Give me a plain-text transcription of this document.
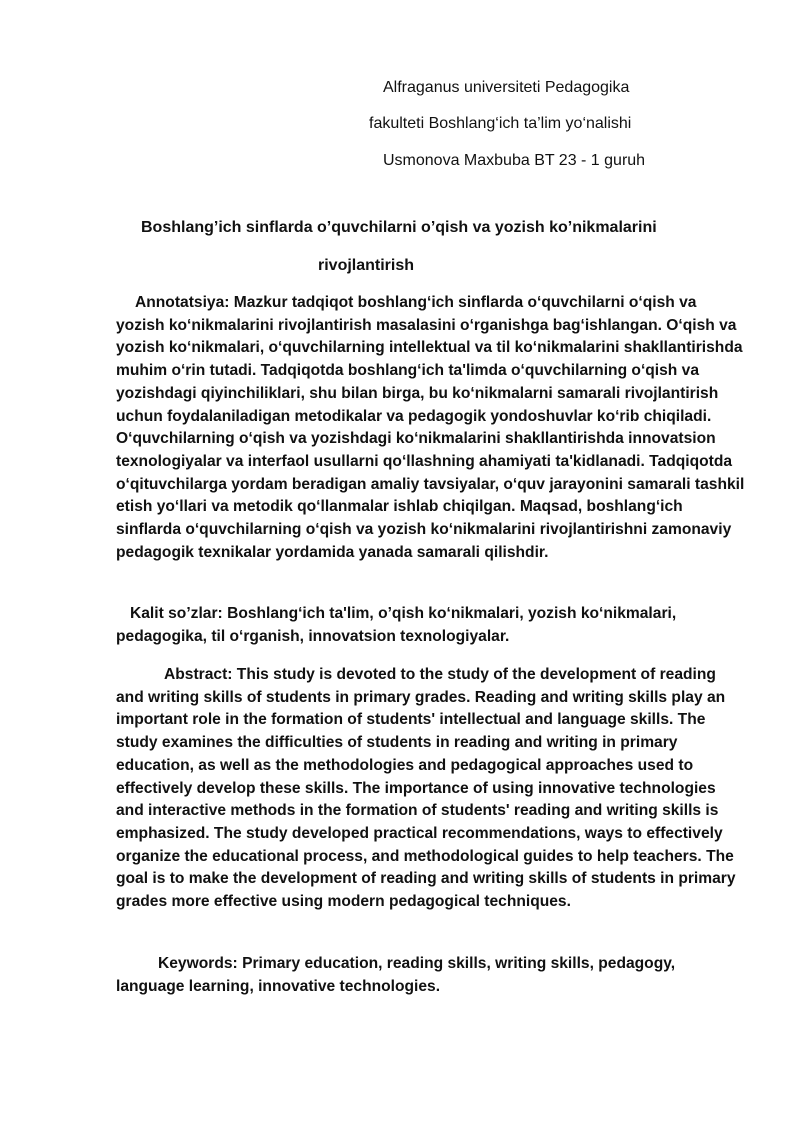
Alfraganus universiteti Pedagogika
fakulteti Boshlang‘ich ta’lim yo‘nalishi
Usmonova Maxbuba BT 23 - 1 guruh
Boshlang’ich sinflarda o’quvchilarni o’qish va yozish ko’nikmalarini
rivojlantirish

Annotatsiya: Mazkur tadqiqot boshlang‘ich sinflarda o‘quvchilarni o‘qish va yozish ko‘nikmalarini rivojlantirish masalasini o‘rganishga bag‘ishlangan. O‘qish va yozish ko‘nikmalari, o‘quvchilarning intellektual va til ko‘nikmalarini shakllantirishda muhim o‘rin tutadi. Tadqiqotda boshlang‘ich ta'limda o‘quvchilarning o‘qish va yozishdagi qiyinchiliklari, shu bilan birga, bu ko‘nikmalarni samarali rivojlantirish uchun foydalaniladigan metodikalar va pedagogik yondoshuvlar ko‘rib chiqiladi. O‘quvchilarning o‘qish va yozishdagi ko‘nikmalarini shakllantirishda innovatsion texnologiyalar va interfaol usullarni qo‘llashning ahamiyati ta'kidlanadi. Tadqiqotda o‘qituvchilarga yordam beradigan amaliy tavsiyalar, o‘quv jarayonini samarali tashkil etish yo‘llari va metodik qo‘llanmalar ishlab chiqilgan. Maqsad, boshlang‘ich sinflarda o‘quvchilarning o‘qish va yozish ko‘nikmalarini rivojlantirishni zamonaviy pedagogik texnikalar yordamida yanada samarali qilishdir.

Kalit so’zlar: Boshlang‘ich ta'lim, o’qish ko‘nikmalari, yozish ko‘nikmalari, pedagogika, til o‘rganish, innovatsion texnologiyalar.

Abstract: This study is devoted to the study of the development of reading and writing skills of students in primary grades. Reading and writing skills play an important role in the formation of students' intellectual and language skills. The study examines the difficulties of students in reading and writing in primary education, as well as the methodologies and pedagogical approaches used to effectively develop these skills. The importance of using innovative technologies and interactive methods in the formation of students' reading and writing skills is emphasized. The study developed practical recommendations, ways to effectively organize the educational process, and methodological guides to help teachers. The goal is to make the development of reading and writing skills of students in primary grades more effective using modern pedagogical techniques.

Keywords: Primary education, reading skills, writing skills, pedagogy, language learning, innovative technologies.
